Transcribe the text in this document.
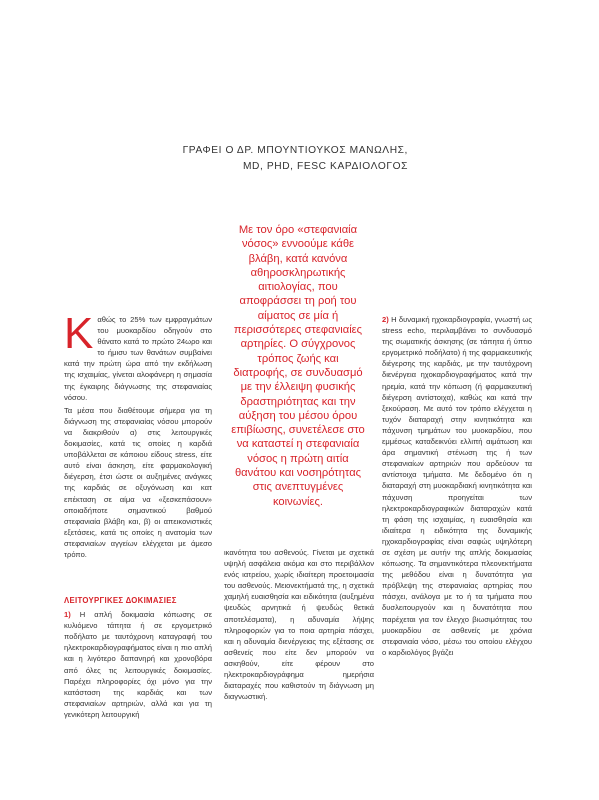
ΓΡΑΦΕΙ Ο ΔΡ. ΜΠΟΥΝΤΙΟΥΚΟΣ ΜΑΝΩΛΗΣ,
MD, PHD, FESC ΚΑΡΔΙΟΛΟΓΟΣ
Με τον όρο «στεφανιαία νόσος» εννοούμε κάθε βλάβη, κατά κανόνα αθηροσκληρωτικής αιτιολογίας, που αποφράσσει τη ροή του αίματος σε μία ή περισσότερες στεφανιαίες αρτηρίες. Ο σύγχρονος τρόπος ζωής και διατροφής, σε συνδυασμό με την έλλειψη φυσικής δραστηριότητας και την αύξηση του μέσου όρου επιβίωσης, συνετέλεσε στο να καταστεί η στεφανιαία νόσος η πρώτη αιτία θανάτου και νοσηρότητας στις ανεπτυγμένες κοινωνίες.

Καθώς το 25% των εμφραγμάτων του μυοκαρδίου οδηγούν στο θάνατο κατά το πρώτο 24ωρο και το ήμισυ των θανάτων συμβαίνει κατά την πρώτη ώρα από την εκδήλωση της ισχαιμίας, γίνεται αλοφάνερη η σημασία της έγκαιρης διάγνωσης της στεφανιαίας νόσου.

Τα μέσα που διαθέτουμε σήμερα για τη διάγνωση της στεφανιαίας νόσου μπορούν να διακριθούν α) στις λειτουργικές δοκιμασίες, κατά τις οποίες η καρδιά υποβάλλεται σε κάποιου είδους stress, είτε αυτό είναι άσκηση, είτε φαρμακολογική διέγερση, έτσι ώστε οι αυξημένες ανάγκες της καρδιάς σε οξυγόνωση και κατ επέκταση σε αίμα να «ξεσκεπάσουν» οποιαδήποτε σημαντικού βαθμού στεφανιαία βλάβη και, β) οι απεικονιστικές εξετάσεις, κατά τις οποίες η ανατομία των στεφανιαίων αγγείων ελέγχεται με άμεσο τρόπο.

ΛΕΙΤΟΥΡΓΙΚΕΣ ΔΟΚΙΜΑΣΙΕΣ

1) Η απλή δοκιμασία κόπωσης σε κυλιόμενο τάπητα ή σε εργομετρικό ποδήλατο με ταυτόχρονη καταγραφή του ηλεκτροκαρδιογραφήματος είναι η πιο απλή και η λιγότερο δαπανηρή και χρονοβόρα από όλες τις λειτουργικές δοκιμασίες. Παρέχει πληροφορίες όχι μόνο για την κατάσταση της καρδιάς και των στεφανιαίων αρτηριών, αλλά και για τη γενικότερη λειτουργική

ικανότητα του ασθενούς. Γίνεται με σχετικά υψηλή ασφάλεια ακόμα και στο περιβάλλον ενός ιατρείου, χωρίς ιδιαίτερη προετοιμασία του ασθενούς. Μειονεκτήματά της, η σχετικά χαμηλή ευαισθησία και ειδικότητα (αυξημένα ψευδώς αρνητικά ή ψευδώς θετικά αποτελέσματα), η αδυναμία λήψης πληροφοριών για το ποια αρτηρία πάσχει, και η αδυναμία διενέργειας της εξέτασης σε ασθενείς που είτε δεν μπορούν να ασκηθούν, είτε φέρουν στο ηλεκτροκαρδιογράφημα ημερήσια διαταραχές που καθιστούν τη διάγνωση μη διαγνωστική.

2) Η δυναμική ηχοκαρδιογραφία, γνωστή ως stress echo, περιλαμβάνει το συνδυασμό της σωματικής άσκησης (σε τάπητα ή ύπτιο εργομετρικό ποδήλατο) ή της φαρμακευτικής διέγερσης της καρδιάς, με την ταυτόχρονη διενέργεια ηχοκαρδιογραφήματος κατά την ηρεμία, κατά την κόπωση (ή φαρμακευτική διέγερση αντίστοιχα), καθώς και κατά την ξεκούραση. Με αυτό τον τρόπο ελέγχεται η τυχόν διαταραχή στην κινητικότητα και πάχυνση τμημάτων του μυοκαρδίου, που εμμέσως καταδεικνύει ελλιπή αιμάτωση και άρα σημαντική στένωση της ή των στεφανιαίων αρτηριών που αρδεύουν τα αντίστοιχα τμήματα. Με δεδομένο ότι η διαταραχή στη μυοκαρδιακή κινητικότητα και πάχυνση προηγείται των ηλεκτροκαρδιογραφικών διαταραχών κατά τη φάση της ισχαιμίας, η ευαισθησία και ιδιαίτερα η ειδικότητα της δυναμικής ηχοκαρδιογραφίας είναι σαφώς υψηλότερη σε σχέση με αυτήν της απλής δοκιμασίας κόπωσης. Τα σημαντικότερα πλεονεκτήματα της μεθόδου είναι η δυνατότητα για πρόβλεψη της στεφανιαίας αρτηρίας που πάσχει, ανάλογα με το ή τα τμήματα που δυσλειτουργούν και η δυνατότητα που παρέχεται για τον έλεγχο βιωσιμότητας του μυοκαρδίου σε ασθενείς με χρόνια στεφανιαία νόσο, μέσω του οποίου ελέγχου ο καρδιολόγος βγάζει
